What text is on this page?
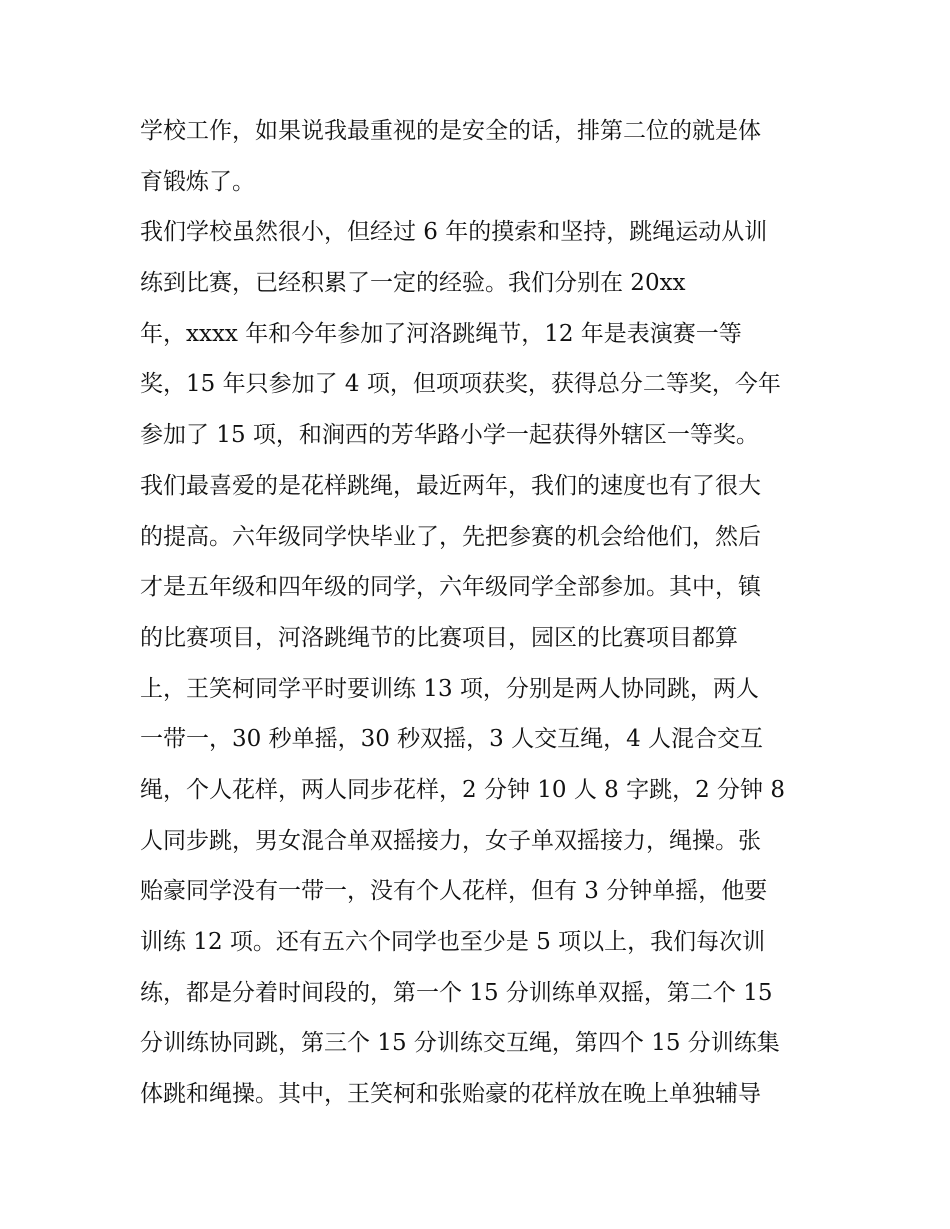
学校工作，如果说我最重视的是安全的话，排第二位的就是体
育锻炼了。
我们学校虽然很小，但经过 6 年的摸索和坚持，跳绳运动从训
练到比赛，已经积累了一定的经验。我们分别在 20xx
年，xxxx 年和今年参加了河洛跳绳节，12 年是表演赛一等
奖，15 年只参加了 4 项，但项项获奖，获得总分二等奖，今年
参加了 15 项，和涧西的芳华路小学一起获得外辖区一等奖。
我们最喜爱的是花样跳绳，最近两年，我们的速度也有了很大
的提高。六年级同学快毕业了，先把参赛的机会给他们，然后
才是五年级和四年级的同学，六年级同学全部参加。其中，镇
的比赛项目，河洛跳绳节的比赛项目，园区的比赛项目都算
上，王笑柯同学平时要训练 13 项，分别是两人协同跳，两人
一带一，30 秒单摇，30 秒双摇，3 人交互绳，4 人混合交互
绳，个人花样，两人同步花样，2 分钟 10 人 8 字跳，2 分钟 8
人同步跳，男女混合单双摇接力，女子单双摇接力，绳操。张
贻豪同学没有一带一，没有个人花样，但有 3 分钟单摇，他要
训练 12 项。还有五六个同学也至少是 5 项以上，我们每次训
练，都是分着时间段的，第一个 15 分训练单双摇，第二个 15
分训练协同跳，第三个 15 分训练交互绳，第四个 15 分训练集
体跳和绳操。其中，王笑柯和张贻豪的花样放在晚上单独辅导
